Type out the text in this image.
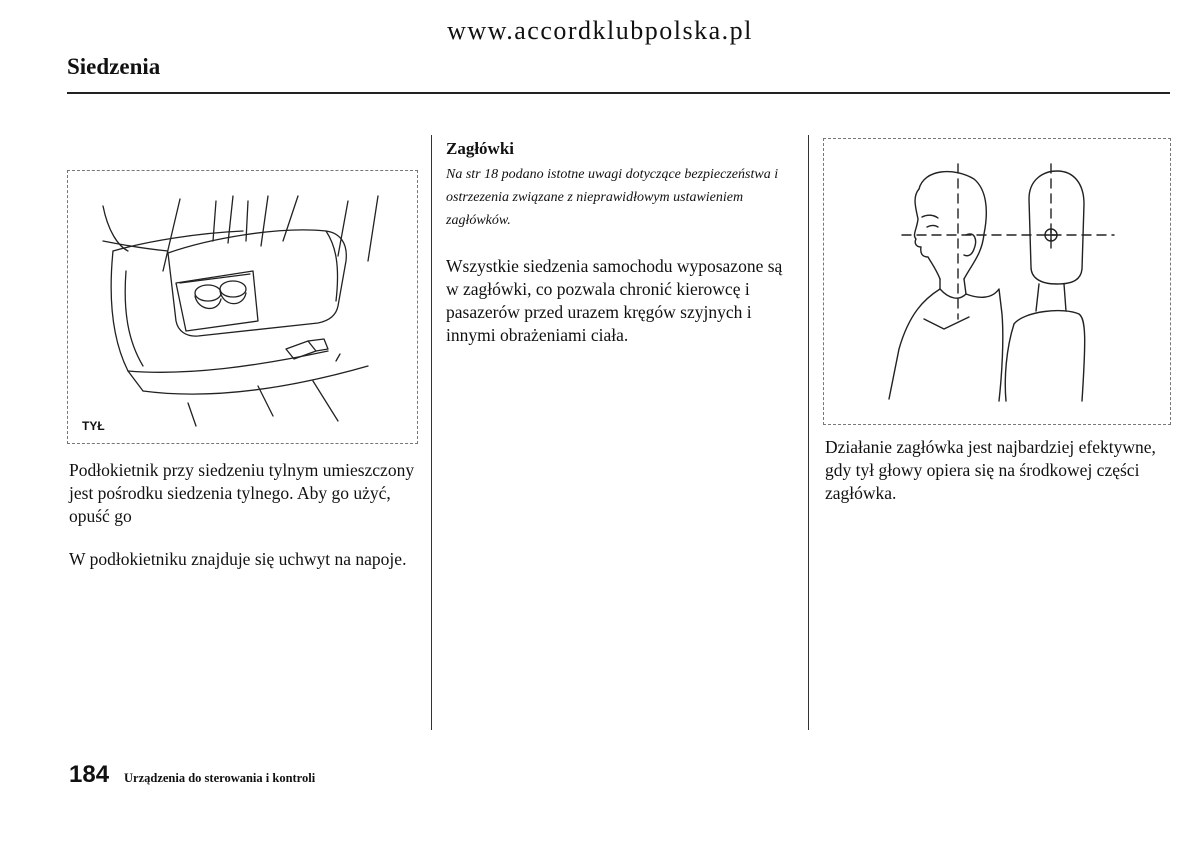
www.accordklubpolska.pl
Siedzenia
TYŁ
Podłokietnik przy siedzeniu tylnym umieszczony jest pośrodku siedzenia tylnego. Aby go użyć, opuść go
W podłokietniku znajduje się uchwyt na napoje.
Zagłówki
Na str 18 podano istotne uwagi dotyczące bezpieczeństwa i ostrzezenia związane z nieprawidłowym ustawieniem zagłówków.
Wszystkie siedzenia samochodu wyposazone są w zagłówki, co pozwala chronić kierowcę i pasazerów przed urazem kręgów szyjnych i innymi obrażeniami ciała.
Działanie zagłówka jest najbardziej efektywne, gdy tył głowy opiera się na środkowej części zagłówka.
184 Urządzenia do sterowania i kontroli
